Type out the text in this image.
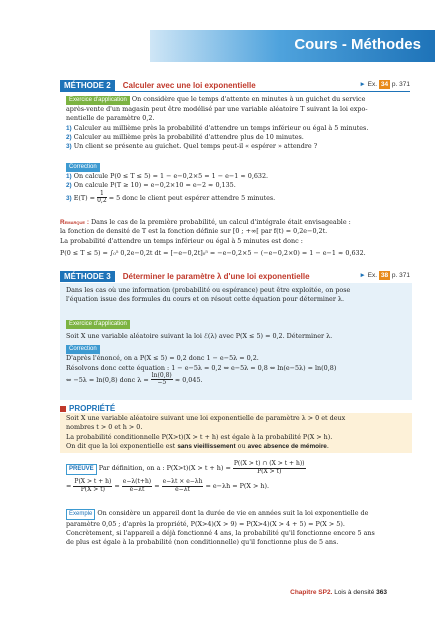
Cours - Méthodes
MÉTHODE 2 Calculer avec une loi exponentielle	► Ex. 34 p. 371
Exercice d'application On considère que le temps d'attente en minutes à un guichet du service
après-vente d'un magasin peut être modélisé par une variable aléatoire T suivant la loi expo-
nentielle de paramètre 0,2.
1) Calculer au millième près la probabilité d'attendre un temps inférieur ou égal à 5 minutes.
2) Calculer au millième près la probabilité d'attendre plus de 10 minutes.
3) Un client se présente au guichet. Quel temps peut-il « espérer » attendre ?
Correction
1) On calcule P(0 ≤ T ≤ 5) = 1 − e−0,2×5 = 1 − e−1 ≈ 0,632.
2) On calcule P(T ≥ 10) = e−0,2×10 = e−2 ≈ 0,135.
3) $E(T) = \frac{1}{0,2} = 5$ donc le client peut espérer attendre 5 minutes.
Remarque : Dans le cas de la première probabilité, un calcul d'intégrale était envisageable :
la fonction de densité de T est la fonction définie sur [0 ; +∞[ par f(t) = 0,2e−0,2t.
La probabilité d'attendre un temps inférieur ou égal à 5 minutes est donc :
P(0 ≤ T ≤ 5) = ∫₀⁵ 0,2e−0,2t dt = [−e−0,2t]₀⁵ = −e−0,2×5 − (−e−0,2×0) = 1 − e−1 ≈ 0,632.
MÉTHODE 3 Déterminer le paramètre λ d'une loi exponentielle	► Ex. 38 p. 371
Dans les cas où une information (probabilité ou espérance) peut être exploitée, on pose
l'équation issue des formules du cours et on résout cette équation pour déterminer λ.
Exercice d'application
Soit X une variable aléatoire suivant la loi ℰ(λ) avec P(X ≤ 5) = 0,2. Déterminer λ.
Correction
D'après l'énoncé, on a P(X ≤ 5) = 0,2 donc 1 − e−5λ = 0,2.
Résolvons donc cette équation : 1 − e−5λ = 0,2 ⇔ e−5λ = 0,8 ⇔ ln(e−5λ) = ln(0,8)
⇔ −5λ = ln(0,8) donc $\lambda = \frac{\ln(0,8)}{-5} \approx 0,045$.
PROPRIÉTÉ
Soit X une variable aléatoire suivant une loi exponentielle de paramètre λ > 0 et deux
nombres t > 0 et h > 0.
La probabilité conditionnelle P(X>t)(X > t + h) est égale à la probabilité P(X > h).
On dit que la loi exponentielle est sans vieillissement ou avec absence de mémoire.
PREUVE Par définition, on a : $P(X>t)(X > t + h) = \frac{P((X > t) \cap (X > t + h))}{P(X > t)}$
= $\frac{P(X > t + h)}{P(X > t)} = \frac{e-\lambda(t+h)}{e-\lambda t} = \frac{e-\lambda t \times e-\lambda h}{e-\lambda t} = e-\lambda h = P(X > h)$.
Exemple On considère un appareil dont la durée de vie en années suit la loi exponentielle de
paramètre 0,05 ; d'après la propriété, P(X>4)(X > 9) = P(X>4)(X > 4 + 5) = P(X > 5).
Concrètement, si l'appareil a déjà fonctionné 4 ans, la probabilité qu'il fonctionne encore 5 ans
de plus est égale à la probabilité (non conditionnelle) qu'il fonctionne plus de 5 ans.
Chapitre SP2. Lois à densité 363
